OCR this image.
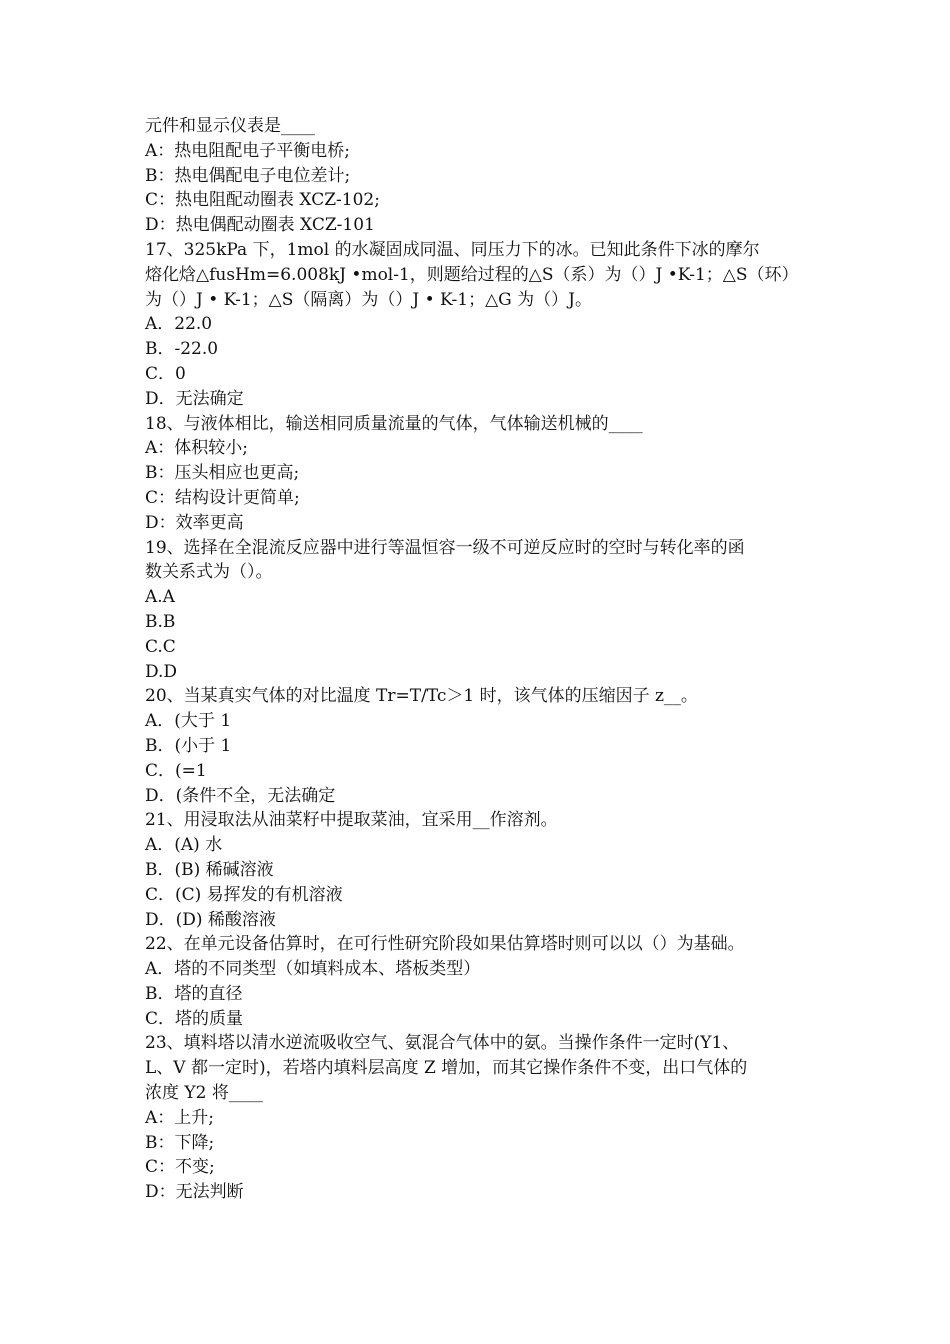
元件和显示仪表是____
A：热电阻配电子平衡电桥;
B：热电偶配电子电位差计;
C：热电阻配动圈表 XCZ-102;
D：热电偶配动圈表 XCZ-101
17、325kPa 下，1mol 的水凝固成同温、同压力下的冰。已知此条件下冰的摩尔
熔化焓△fusHm=6.008kJ •mol-1，则题给过程的△S（系）为（）J •K-1；△S（环）
为（）J • K-1；△S（隔离）为（）J • K-1；△G 为（）J。
A．22.0
B．-22.0
C．0
D．无法确定
18、与液体相比，输送相同质量流量的气体，气体输送机械的____
A：体积较小;
B：压头相应也更高;
C：结构设计更简单;
D：效率更高
19、选择在全混流反应器中进行等温恒容一级不可逆反应时的空时与转化率的函
数关系式为（）。
A.A
B.B
C.C
D.D
20、当某真实气体的对比温度 Tr=T/Tc＞1 时，该气体的压缩因子 z__。
A．(大于 1
B．(小于 1
C．(=1
D．(条件不全，无法确定
21、用浸取法从油菜籽中提取菜油，宜采用__作溶剂。
A．(A) 水
B．(B) 稀碱溶液
C．(C) 易挥发的有机溶液
D．(D) 稀酸溶液
22、在单元设备估算时，在可行性研究阶段如果估算塔时则可以以（）为基础。
A．塔的不同类型（如填料成本、塔板类型）
B．塔的直径
C．塔的质量
23、填料塔以清水逆流吸收空气、氨混合气体中的氨。当操作条件一定时(Y1、
L、V 都一定时)，若塔内填料层高度 Z 增加，而其它操作条件不变，出口气体的
浓度 Y2 将____
A：上升;
B：下降;
C：不变;
D：无法判断
